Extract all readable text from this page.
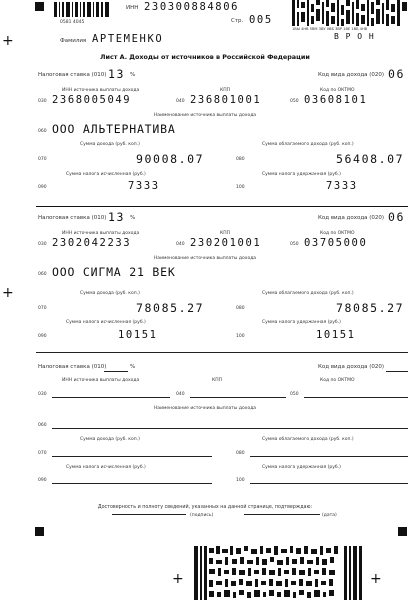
+
+
+	+
0581 4045
ИНН 230300884806
Стр. 005
1ВЫ 4НВ 5ВМ 3ВУ 0ВБ 3ВР 1ВЕ 1ВБ 4НВ
В Р О Н
Фамилия АРТЕМЕНКО
Лист А. Доходы от источников в Российской Федерации
Налоговая ставка (010) 13 %	Код вида дохода (020) 06
ИНН источника выплаты дохода	КПП	Код по ОКТМО
030 2368005049	040 236801001	050 03608101
Наименование источника выплаты дохода
060 ООО АЛЬТЕРНАТИВА
Сумма дохода (руб. коп.)	Сумма облагаемого дохода (руб. коп.)
070	90008.07	080	56408.07
Сумма налога исчисленная (руб.)	Сумма налога удержанная (руб.)
090	7333	100	7333
Налоговая ставка (010) 13 %	Код вида дохода (020) 06
ИНН источника выплаты дохода	КПП	Код по ОКТМО
030 2302042233	040 230201001	050 03705000
Наименование источника выплаты дохода
060 ООО СИГМА 21 ВЕК
Сумма дохода (руб. коп.)	Сумма облагаемого дохода (руб. коп.)
070	78085.27	080	78085.27
Сумма налога исчисленная (руб.)	Сумма налога удержанная (руб.)
090	10151	100	10151
Налоговая ставка (010)	%	Код вида дохода (020)
ИНН источника выплаты дохода	КПП	Код по ОКТМО
030	040	050
Наименование источника выплаты дохода
060
Сумма дохода (руб. коп.)	Сумма облагаемого дохода (руб. коп.)
070	080
Сумма налога исчисленная (руб.)	Сумма налога удержанная (руб.)
090	100
Достоверность и полноту сведений, указанных на данной странице, подтверждаю:
(подпись)	(дата)
